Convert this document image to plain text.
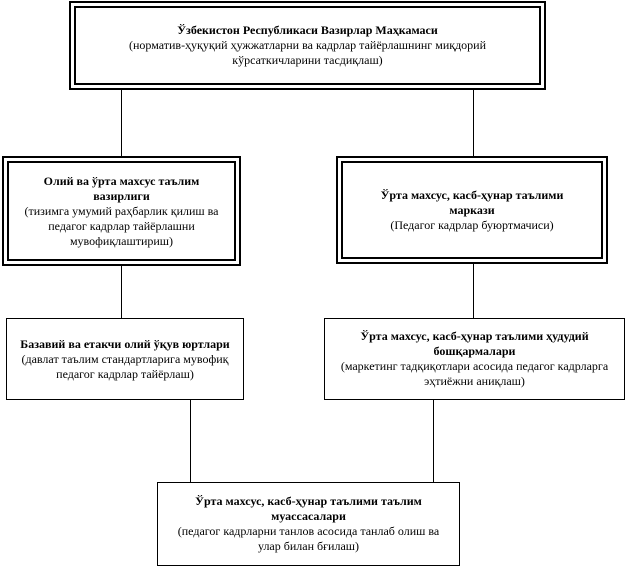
Ўзбекистон Республикаси Вазирлар Маҳкамаси
(норматив-ҳуқуқий ҳужжатларни ва кадрлар тайёрлашнинг миқдорий кўрсаткичларини тасдиқлаш)
Олий ва ўрта махсус таълим вазирлиги
(тизимга умумий раҳбарлик қилиш ва педагог кадрлар тайёрлашни мувофиқлаштириш)
Ўрта махсус, касб-ҳунар таълими маркази
(Педагог кадрлар буюртмачиси)
Базавий ва етакчи олий ўқув юртлари
(давлат таълим стандартларига мувофиқ педагог кадрлар тайёрлаш)
Ўрта махсус, касб-ҳунар таълими ҳудудий бошқармалари
(маркетинг тадқиқотлари асосида педагог кадрларга эҳтиёжни аниқлаш)
Ўрта махсус, касб-ҳунар таълими таълим муассасалари
(педагог кадрларни танлов асосида танлаб олиш ва улар билан бғилаш)
